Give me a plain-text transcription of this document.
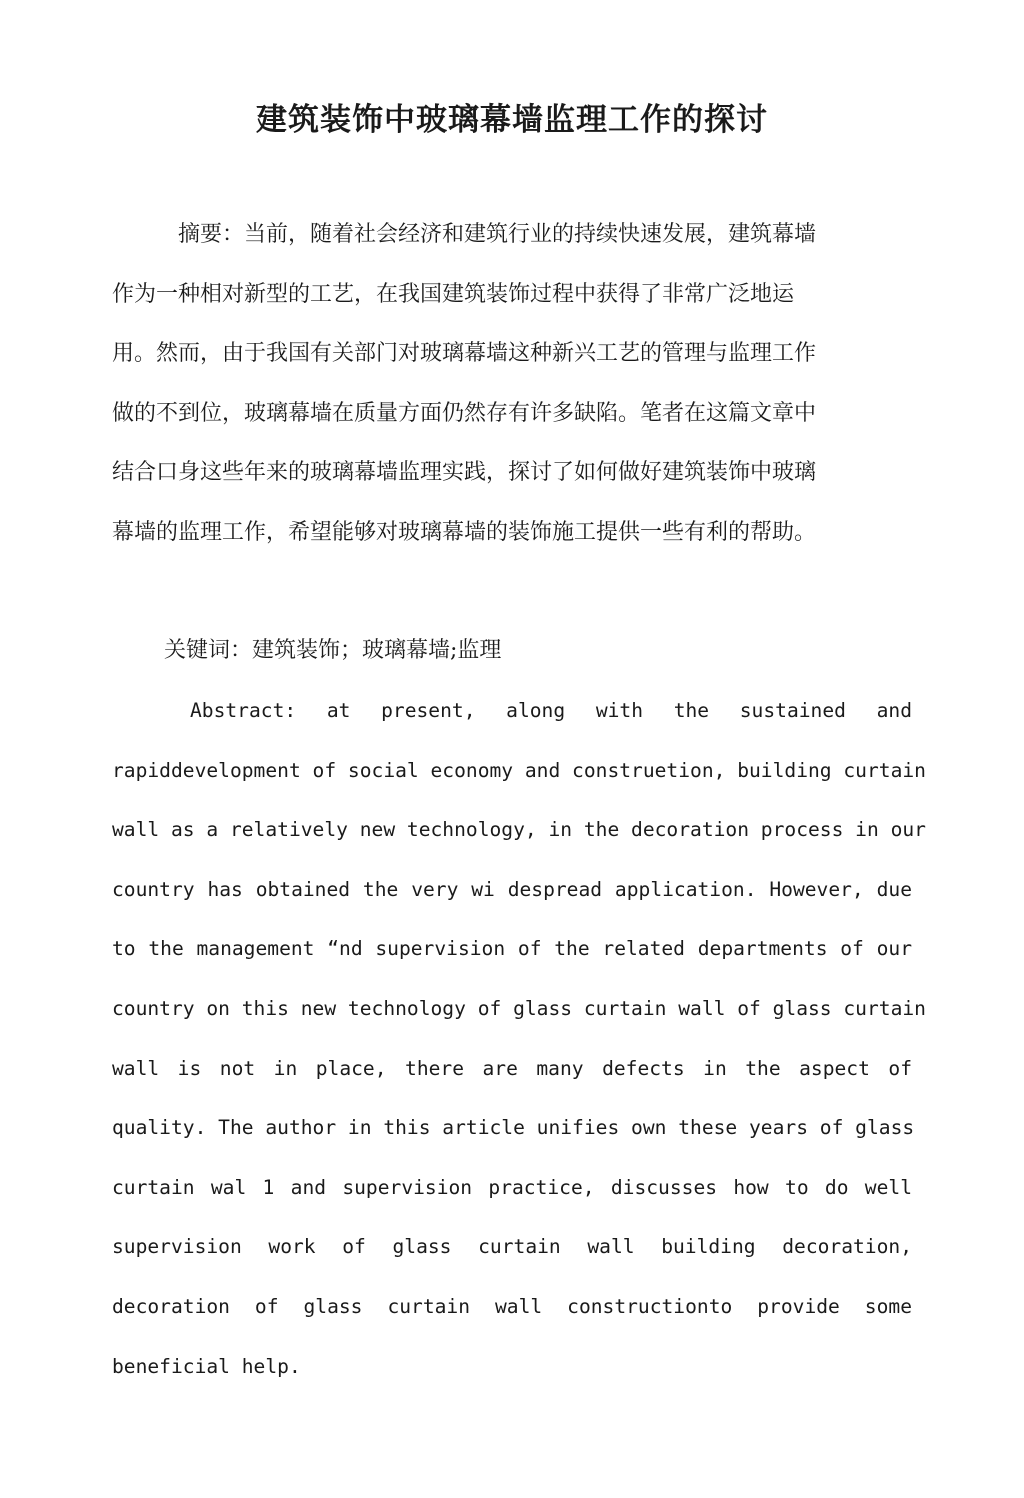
建筑装饰中玻璃幕墙监理工作的探讨
摘要：当前，随着社会经济和建筑行业的持续快速发展，建筑幕墙
作为一种相对新型的工艺，在我国建筑装饰过程中获得了非常广泛地运
用。然而，由于我国有关部门对玻璃幕墙这种新兴工艺的管理与监理工作
做的不到位，玻璃幕墙在质量方面仍然存有许多缺陷。笔者在这篇文章中
结合口身这些年来的玻璃幕墙监理实践，探讨了如何做好建筑装饰中玻璃
幕墙的监理工作，希望能够对玻璃幕墙的装饰施工提供一些有利的帮助。
关键词：建筑装饰；玻璃幕墙;监理
Abstract: at present, along with the sustained and
rapiddevelopment of social economy and construetion, building curtain
wall as a relatively new technology, in the decoration process in our
country has obtained the very wi despread application. However, due
to the management “nd supervision of the related departments of our
country on this new technology of glass curtain wall of glass curtain
wall is not in place, there are many defects in the aspect of
quality. The author in this article unifies own these years of glass
curtain wal 1 and supervision practice, discusses how to do well
supervision work of glass curtain wall building decoration,
decoration of glass curtain wall constructionto provide some
beneficial help.
